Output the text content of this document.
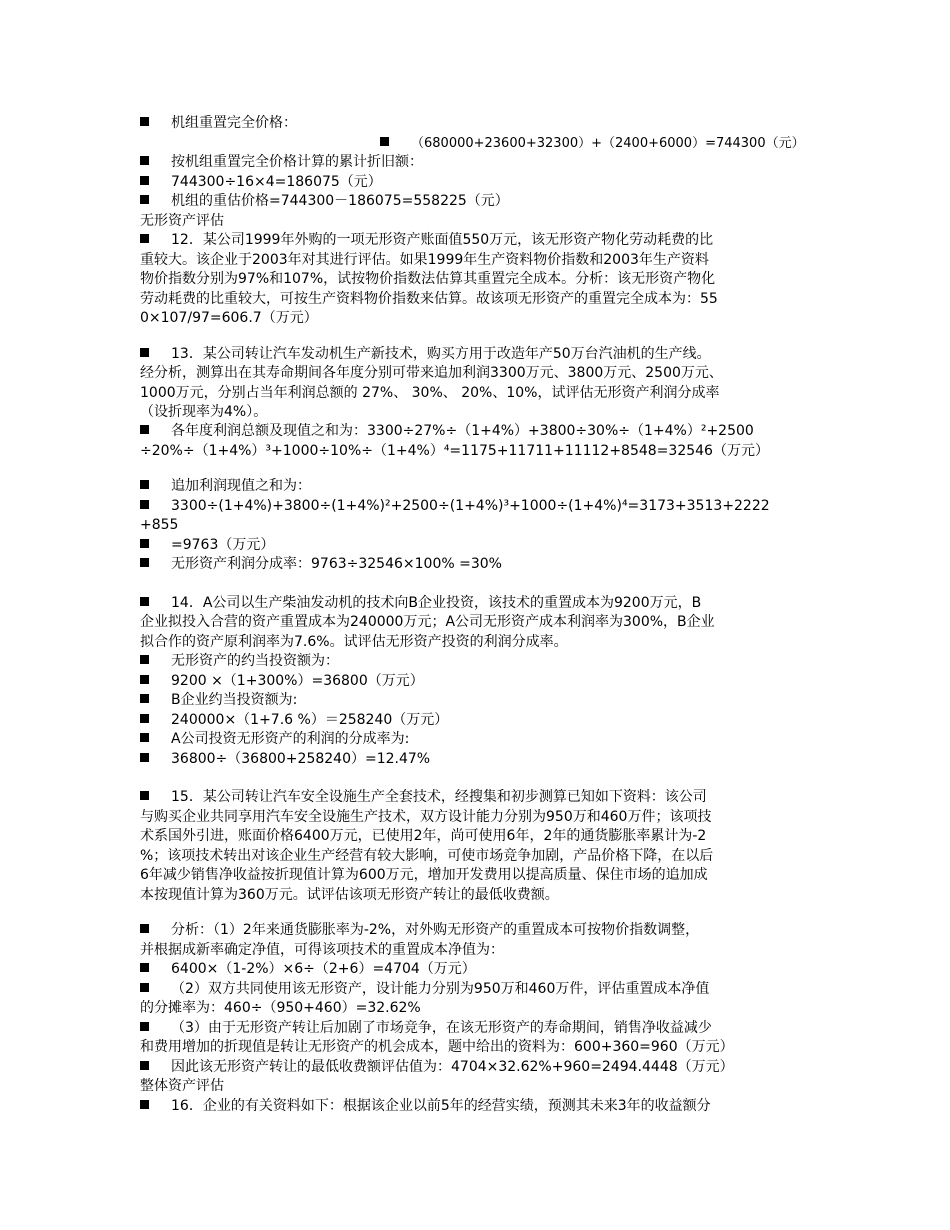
机组重置完全价格：
（680000+23600+32300）+（2400+6000）=744300（元）
按机组重置完全价格计算的累计折旧额：
744300÷16×4=186075（元）
机组的重估价格=744300－186075=558225（元）
无形资产评估
12．某公司1999年外购的一项无形资产账面值550万元，该无形资产物化劳动耗费的比
重较大。该企业于2003年对其进行评估。如果1999年生产资料物价指数和2003年生产资料
物价指数分别为97%和107%，试按物价指数法估算其重置完全成本。分析：该无形资产物化
劳动耗费的比重较大，可按生产资料物价指数来估算。故该项无形资产的重置完全成本为：55
0×107/97=606.7（万元）
13．某公司转让汽车发动机生产新技术，购买方用于改造年产50万台汽油机的生产线。
经分析，测算出在其寿命期间各年度分别可带来追加利润3300万元、3800万元、2500万元、
1000万元，分别占当年利润总额的 27%、 30%、 20%、10%，试评估无形资产利润分成率
（设折现率为4%）。
各年度利润总额及现值之和为：3300÷27%÷（1+4%）+3800÷30%÷（1+4%）²+2500
÷20%÷（1+4%）³+1000÷10%÷（1+4%）⁴=1175+11711+11112+8548=32546（万元）
追加利润现值之和为：
3300÷(1+4%)+3800÷(1+4%)²+2500÷(1+4%)³+1000÷(1+4%)⁴=3173+3513+2222
+855
=9763（万元）
无形资产利润分成率：9763÷32546×100% =30%
14．A公司以生产柴油发动机的技术向B企业投资，该技术的重置成本为9200万元，B
企业拟投入合营的资产重置成本为240000万元；A公司无形资产成本利润率为300%，B企业
拟合作的资产原利润率为7.6%。试评估无形资产投资的利润分成率。
无形资产的约当投资额为：
9200 ×（1+300%）=36800（万元）
B企业约当投资额为:
240000×（1+7.6 %）＝258240（万元）
A公司投资无形资产的利润的分成率为:
36800÷（36800+258240）=12.47%
15．某公司转让汽车安全设施生产全套技术，经搜集和初步测算已知如下资料：该公司
与购买企业共同享用汽车安全设施生产技术，双方设计能力分别为950万和460万件；该项技
术系国外引进，账面价格6400万元，已使用2年，尚可使用6年，2年的通货膨胀率累计为-2
%；该项技术转出对该企业生产经营有较大影响，可使市场竞争加剧，产品价格下降，在以后
6年减少销售净收益按折现值计算为600万元，增加开发费用以提高质量、保住市场的追加成
本按现值计算为360万元。试评估该项无形资产转让的最低收费额。
分析：（1）2年来通货膨胀率为-2%，对外购无形资产的重置成本可按物价指数调整，
并根据成新率确定净值，可得该项技术的重置成本净值为：
6400×（1-2%）×6÷（2+6）=4704（万元）
（2）双方共同使用该无形资产，设计能力分别为950万和460万件，评估重置成本净值
的分摊率为：460÷（950+460）=32.62%
（3）由于无形资产转让后加剧了市场竞争，在该无形资产的寿命期间，销售净收益减少
和费用增加的折现值是转让无形资产的机会成本，题中给出的资料为：600+360=960（万元）
因此该无形资产转让的最低收费额评估值为：4704×32.62%+960=2494.4448（万元）
整体资产评估
16．企业的有关资料如下：根据该企业以前5年的经营实绩，预测其未来3年的收益额分
